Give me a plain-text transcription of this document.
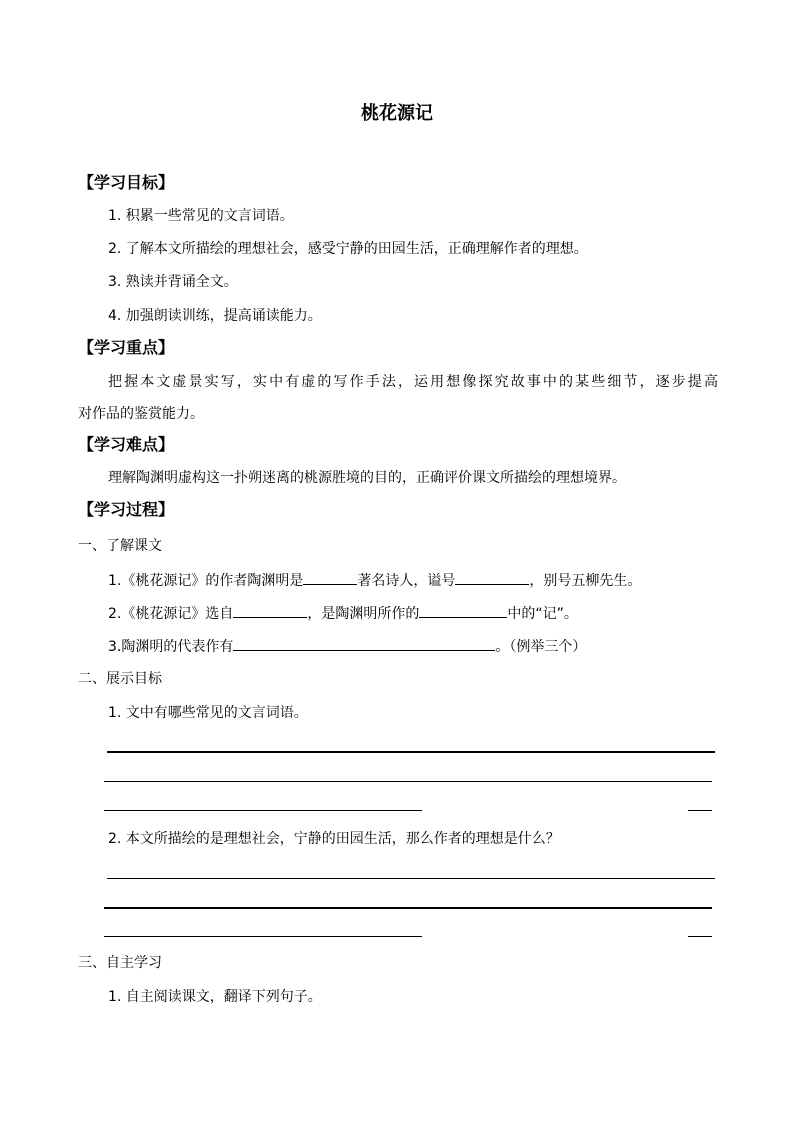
桃花源记
【学习目标】
1. 积累一些常见的文言词语。
2. 了解本文所描绘的理想社会，感受宁静的田园生活，正确理解作者的理想。
3. 熟读并背诵全文。
4. 加强朗读训练，提高诵读能力。
【学习重点】
把握本文虚景实写，实中有虚的写作手法，运用想像探究故事中的某些细节，逐步提高
对作品的鉴赏能力。
【学习难点】
理解陶渊明虚构这一扑朔迷离的桃源胜境的目的，正确评价课文所描绘的理想境界。
【学习过程】
一、了解课文
1.《桃花源记》的作者陶渊明是	著名诗人，谥号	，别号五柳先生。
2.《桃花源记》选自	，是陶渊明所作的	中的“记”。
3.陶渊明的代表作有	。（例举三个）
二、展示目标
1. 文中有哪些常见的文言词语。
2. 本文所描绘的是理想社会，宁静的田园生活，那么作者的理想是什么？
三、自主学习
1. 自主阅读课文，翻译下列句子。
